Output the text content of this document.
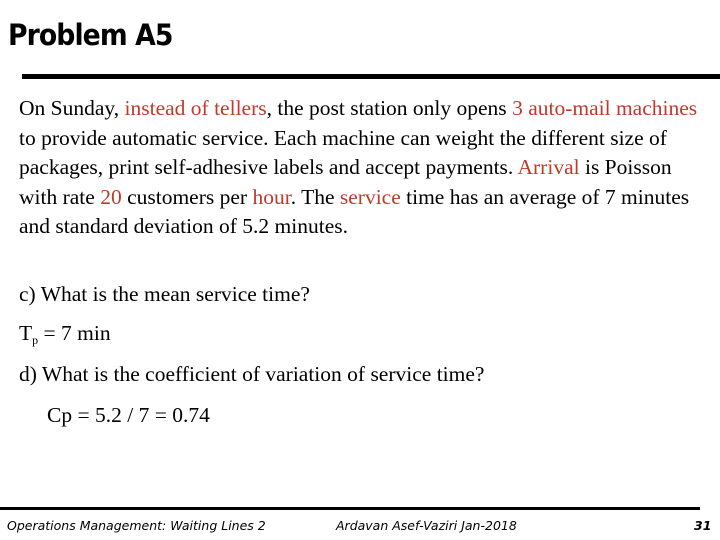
Problem A5
On Sunday, instead of tellers, the post station only opens 3 auto-mail machines to provide automatic service. Each machine can weight the different size of packages, print self-adhesive labels and accept payments. Arrival is Poisson with rate 20 customers per hour. The service time has an average of 7 minutes and standard deviation of 5.2 minutes.
c) What is the mean service time?
$T_p = 7$ min
d) What is the coefficient of variation of service time?
Cp = 5.2 / 7 = 0.74
Operations Management: Waiting Lines 2	Ardavan Asef-Vaziri Jan-2018	31
